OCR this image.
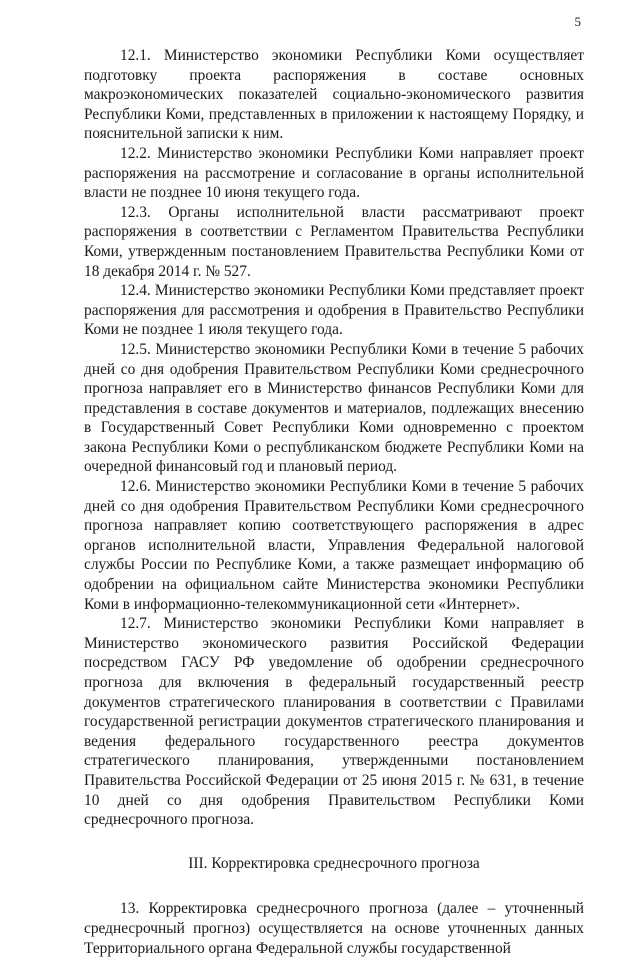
5

12.1. Министерство экономики Республики Коми осуществляет подготовку проекта распоряжения в составе основных макроэкономических показателей социально-экономического развития Республики Коми, представленных в приложении к настоящему Порядку, и пояснительной записки к ним.

12.2. Министерство экономики Республики Коми направляет проект распоряжения на рассмотрение и согласование в органы исполнительной власти не позднее 10 июня текущего года.

12.3. Органы исполнительной власти рассматривают проект распоряжения в соответствии с Регламентом Правительства Республики Коми, утвержденным постановлением Правительства Республики Коми от 18 декабря 2014 г. № 527.

12.4. Министерство экономики Республики Коми представляет проект распоряжения для рассмотрения и одобрения в Правительство Республики Коми не позднее 1 июля текущего года.

12.5. Министерство экономики Республики Коми в течение 5 рабочих дней со дня одобрения Правительством Республики Коми среднесрочного прогноза направляет его в Министерство финансов Республики Коми для представления в составе документов и материалов, подлежащих внесению в Государственный Совет Республики Коми одновременно с проектом закона Республики Коми о республиканском бюджете Республики Коми на очередной финансовый год и плановый период.

12.6. Министерство экономики Республики Коми в течение 5 рабочих дней со дня одобрения Правительством Республики Коми среднесрочного прогноза направляет копию соответствующего распоряжения в адрес органов исполнительной власти, Управления Федеральной налоговой службы России по Республике Коми, а также размещает информацию об одобрении на официальном сайте Министерства экономики Республики Коми в информационно-телекоммуникационной сети «Интернет».

12.7. Министерство экономики Республики Коми направляет в Министерство экономического развития Российской Федерации посредством ГАСУ РФ уведомление об одобрении среднесрочного прогноза для включения в федеральный государственный реестр документов стратегического планирования в соответствии с Правилами государственной регистрации документов стратегического планирования и ведения федерального государственного реестра документов стратегического планирования, утвержденными постановлением Правительства Российской Федерации от 25 июня 2015 г. № 631, в течение 10 дней со дня одобрения Правительством Республики Коми среднесрочного прогноза.

III. Корректировка среднесрочного прогноза

13. Корректировка среднесрочного прогноза (далее – уточненный среднесрочный прогноз) осуществляется на основе уточненных данных Территориального органа Федеральной службы государственной
